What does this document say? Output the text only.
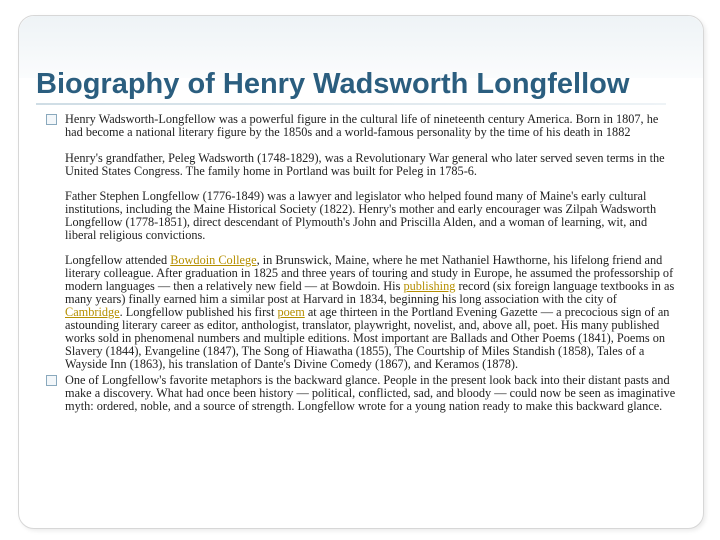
Biography of Henry Wadsworth Longfellow

Henry Wadsworth-Longfellow was a powerful figure in the cultural life of nineteenth century America. Born in 1807, he had become a national literary figure by the 1850s and a world-famous personality by the time of his death in 1882

Henry's grandfather, Peleg Wadsworth (1748-1829), was a Revolutionary War general who later served seven terms in the United States Congress. The family home in Portland was built for Peleg in 1785-6.

Father Stephen Longfellow (1776-1849) was a lawyer and legislator who helped found many of Maine's early cultural institutions, including the Maine Historical Society (1822). Henry's mother and early encourager was Zilpah Wadsworth Longfellow (1778-1851), direct descendant of Plymouth's John and Priscilla Alden, and a woman of learning, wit, and liberal religious convictions.

Longfellow attended Bowdoin College, in Brunswick, Maine, where he met Nathaniel Hawthorne, his lifelong friend and literary colleague. After graduation in 1825 and three years of touring and study in Europe, he assumed the professorship of modern languages — then a relatively new field — at Bowdoin. His publishing record (six foreign language textbooks in as many years) finally earned him a similar post at Harvard in 1834, beginning his long association with the city of Cambridge. Longfellow published his first poem at age thirteen in the Portland Evening Gazette — a precocious sign of an astounding literary career as editor, anthologist, translator, playwright, novelist, and, above all, poet. His many published works sold in phenomenal numbers and multiple editions. Most important are Ballads and Other Poems (1841), Poems on Slavery (1844), Evangeline (1847), The Song of Hiawatha (1855), The Courtship of Miles Standish (1858), Tales of a Wayside Inn (1863), his translation of Dante's Divine Comedy (1867), and Keramos (1878).

One of Longfellow's favorite metaphors is the backward glance. People in the present look back into their distant pasts and make a discovery. What had once been history — political, conflicted, sad, and bloody — could now be seen as imaginative myth: ordered, noble, and a source of strength. Longfellow wrote for a young nation ready to make this backward glance.
